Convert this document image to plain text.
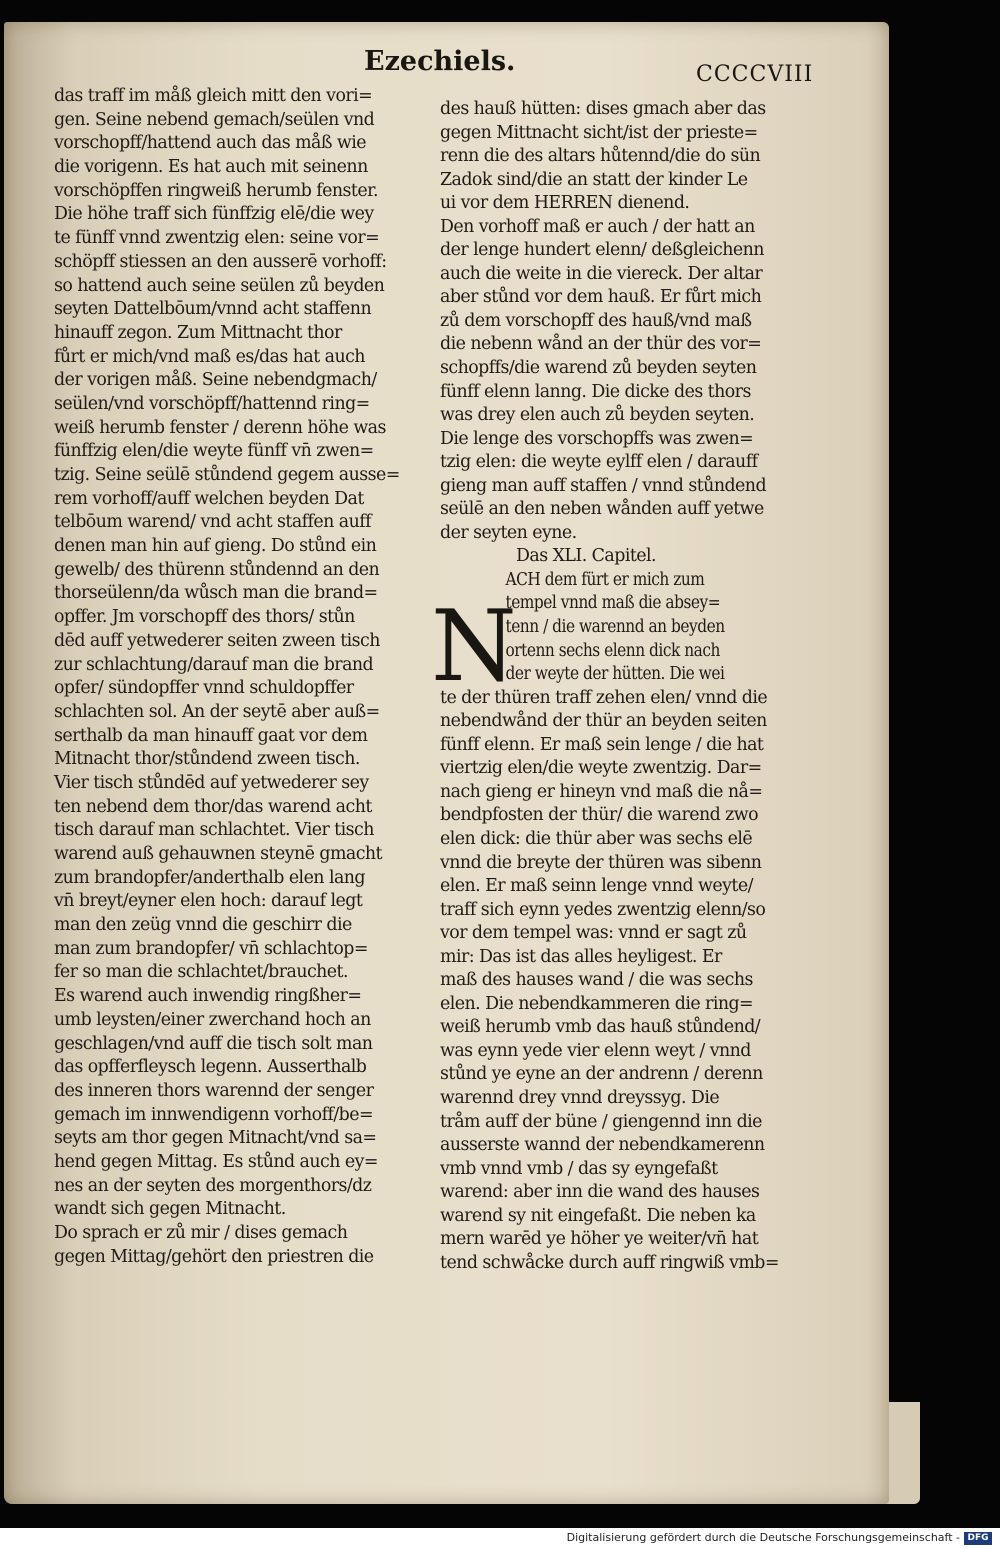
Ezechiels.	CCCCVIII
das traff im måß gleich mitt den vori=
gen. Seine nebend gemach/seülen vnd
vorschopff/hattend auch das måß wie
die vorigenn. Es hat auch mit seinenn
vorschöpffen ringweiß herumb fenster.
Die höhe traff sich fünffzig elē/die wey
te fünff vnnd zwentzig elen: seine vor=
schöpff stiessen an den ausserē vorhoff:
so hattend auch seine seülen zů beyden
seyten Dattelbōum/vnnd acht staffenn
hinauff zegon. Zum Mittnacht thor
fůrt er mich/vnd maß es/das hat auch
der vorigen måß. Seine nebendgmach/
seülen/vnd vorschöpff/hattennd ring=
weiß herumb fenster / derenn höhe was
fünffzig elen/die weyte fünff vn̄ zwen=
tzig. Seine seülē stůndend gegem ausse=
rem vorhoff/auff welchen beyden Dat
telbōum warend/ vnd acht staffen auff
denen man hin auf gieng. Do stůnd ein
gewelb/ des thürenn stůndennd an den
thorseülenn/da wůsch man die brand=
opffer. Jm vorschopff des thors/ stůn
dēd auff yetwederer seiten zween tisch
zur schlachtung/darauf man die brand
opfer/ sündopffer vnnd schuldopffer
schlachten sol. An der seytē aber auß=
serthalb da man hinauff gaat vor dem
Mitnacht thor/stůndend zween tisch.
Vier tisch stůndēd auf yetwederer sey
ten nebend dem thor/das warend acht
tisch darauf man schlachtet. Vier tisch
warend auß gehauwnen steynē gmacht
zum brandopfer/anderthalb elen lang
vn̄ breyt/eyner elen hoch: darauf legt
man den zeüg vnnd die geschirr die
man zum brandopfer/ vn̄ schlachtop=
fer so man die schlachtet/brauchet.
Es warend auch inwendig ringßher=
umb leysten/einer zwerchand hoch an
geschlagen/vnd auff die tisch solt man
das opfferfleysch legenn. Ausserthalb
des inneren thors warennd der senger
gemach im innwendigenn vorhoff/be=
seyts am thor gegen Mitnacht/vnd sa=
hend gegen Mittag. Es stůnd auch ey=
nes an der seyten des morgenthors/dz
wandt sich gegen Mitnacht.
Do sprach er zů mir / dises gemach
gegen Mittag/gehört den priestren die
des hauß hütten: dises gmach aber das
gegen Mittnacht sicht/ist der prieste=
renn die des altars hůtennd/die do sün
Zadok sind/die an statt der kinder Le
ui vor dem HERREN dienend.
Den vorhoff maß er auch / der hatt an
der lenge hundert elenn/ deßgleichenn
auch die weite in die viereck. Der altar
aber stůnd vor dem hauß. Er fůrt mich
zů dem vorschopff des hauß/vnd maß
die nebenn wånd an der thür des vor=
schopffs/die warend zů beyden seyten
fünff elenn lanng. Die dicke des thors
was drey elen auch zů beyden seyten.
Die lenge des vorschopffs was zwen=
tzig elen: die weyte eylff elen / darauff
gieng man auff staffen / vnnd stůndend
seülē an den neben wånden auff yetwe
der seyten eyne.
Das XLI. Capitel.
ACH dem fürt er mich zum
tempel vnnd maß die absey=
tenn / die warennd an beyden
ortenn sechs elenn dick nach
der weyte der hütten. Die wei
te der thüren traff zehen elen/ vnnd die
nebendwånd der thür an beyden seiten
fünff elenn. Er maß sein lenge / die hat
viertzig elen/die weyte zwentzig. Dar=
nach gieng er hineyn vnd maß die nå=
bendpfosten der thür/ die warend zwo
elen dick: die thür aber was sechs elē
vnnd die breyte der thüren was sibenn
elen. Er maß seinn lenge vnnd weyte/
traff sich eynn yedes zwentzig elenn/so
vor dem tempel was: vnnd er sagt zů
mir: Das ist das alles heyligest. Er
maß des hauses wand / die was sechs
elen. Die nebendkammeren die ring=
weiß herumb vmb das hauß stůndend/
was eynn yede vier elenn weyt / vnnd
stůnd ye eyne an der andrenn / derenn
warennd drey vnnd dreyssyg. Die
tråm auff der büne / giengennd inn die
ausserste wannd der nebendkamerenn
vmb vnnd vmb / das sy eyngefaßt
warend: aber inn die wand des hauses
warend sy nit eingefaßt. Die neben ka
mern warēd ye höher ye weiter/vn̄ hat
tend schwåcke durch auff ringwiß vmb=
N
Digitalisierung gefördert durch die Deutsche Forschungsgemeinschaft - DFG
